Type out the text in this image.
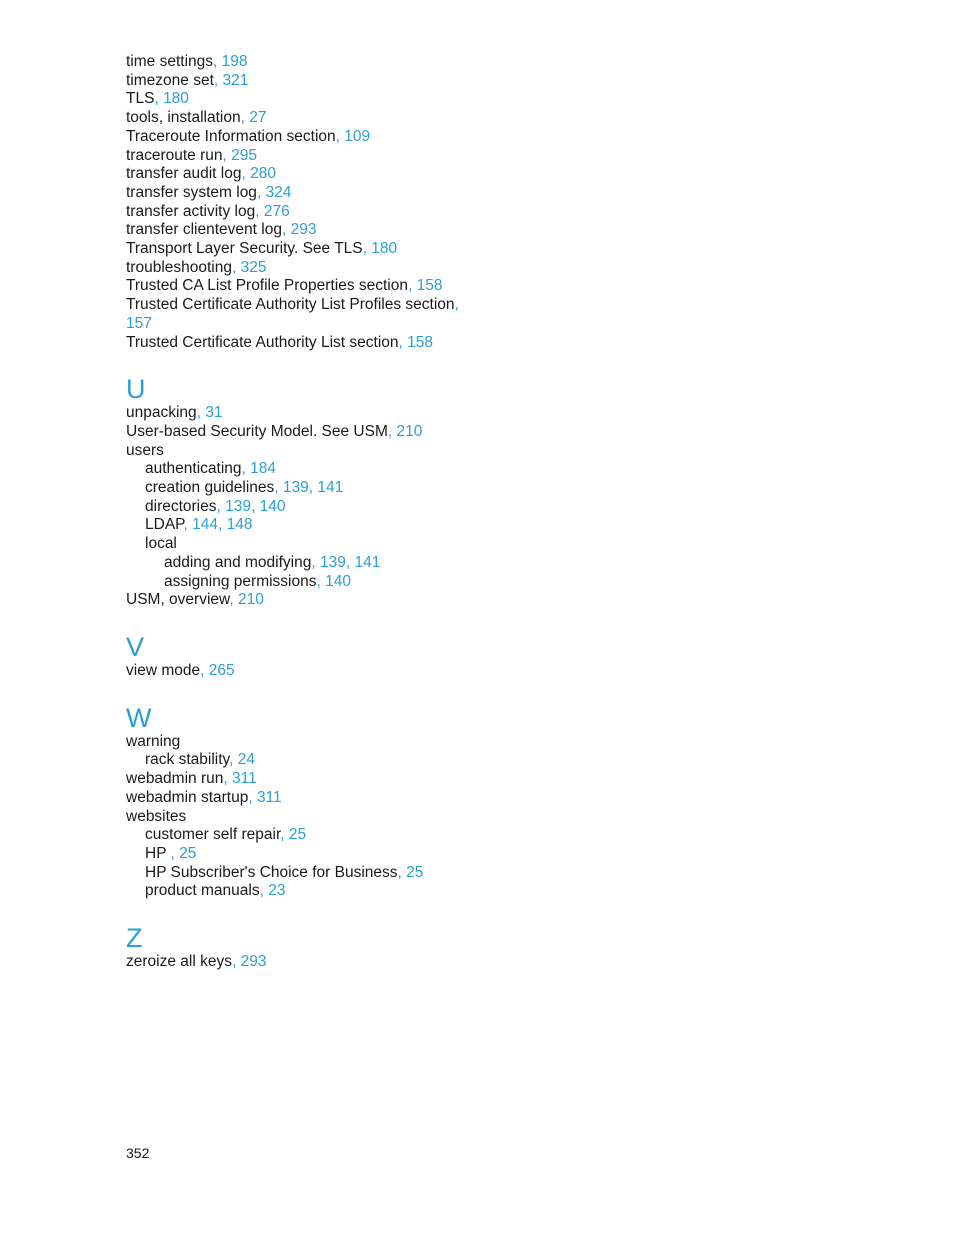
time settings, 198
timezone set, 321
TLS, 180
tools, installation, 27
Traceroute Information section, 109
traceroute run, 295
transfer audit log, 280
transfer system log, 324
transfer activity log, 276
transfer clientevent log, 293
Transport Layer Security. See TLS, 180
troubleshooting, 325
Trusted CA List Profile Properties section, 158
Trusted Certificate Authority List Profiles section, 157
Trusted Certificate Authority List section, 158
U
unpacking, 31
User-based Security Model. See USM, 210
users
authenticating, 184
creation guidelines, 139, 141
directories, 139, 140
LDAP, 144, 148
local
adding and modifying, 139, 141
assigning permissions, 140
USM, overview, 210
V
view mode, 265
W
warning
rack stability, 24
webadmin run, 311
webadmin startup, 311
websites
customer self repair, 25
HP , 25
HP Subscriber's Choice for Business, 25
product manuals, 23
Z
zeroize all keys, 293
352
